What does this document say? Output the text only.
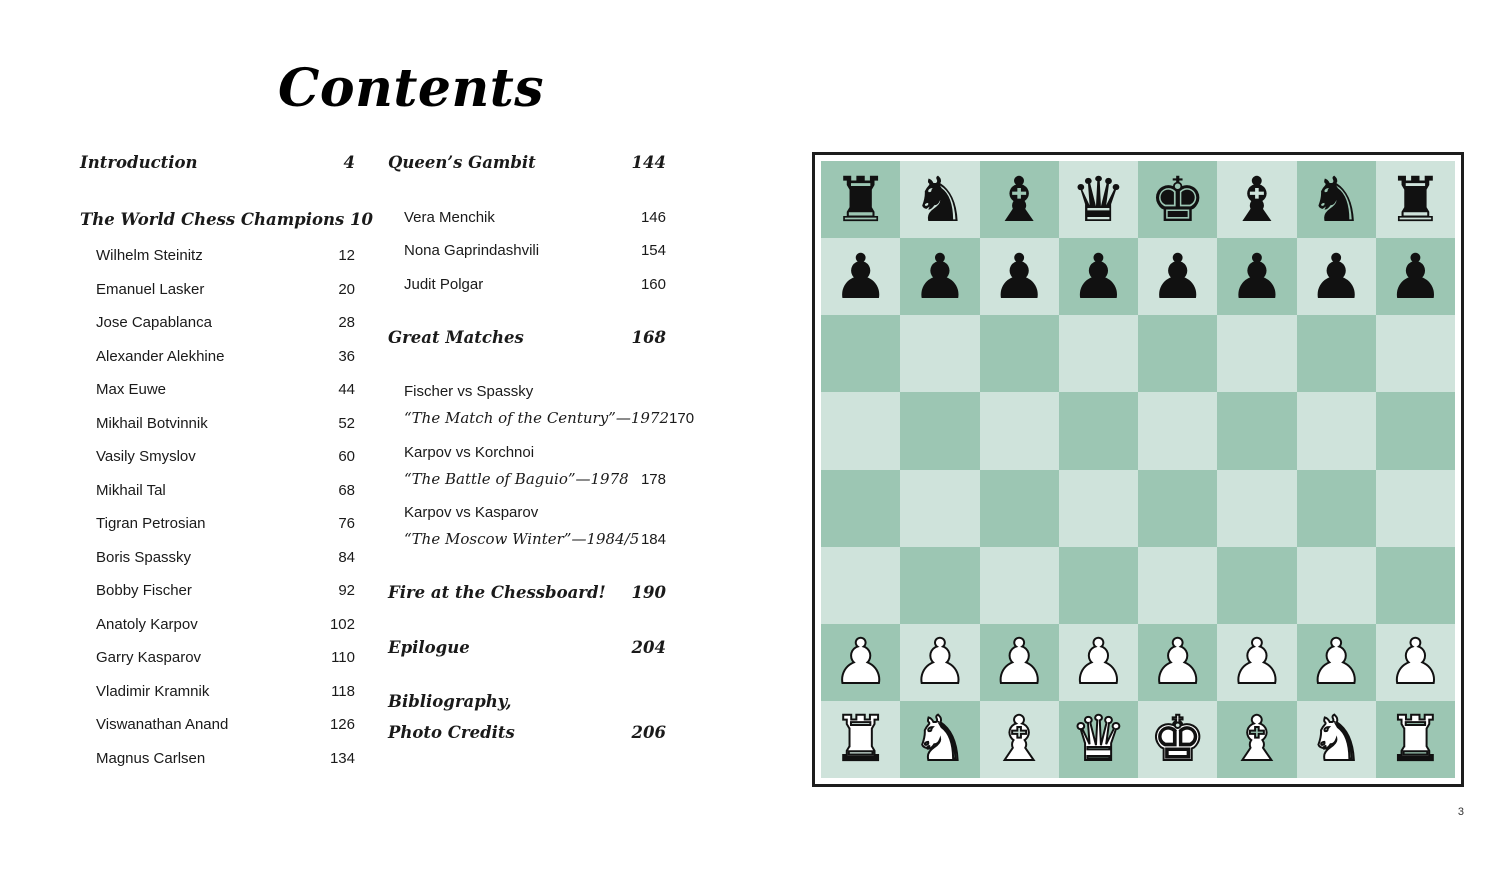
Contents
Introduction	4
The World Chess Champions 10
Wilhelm Steinitz	12
Emanuel Lasker	20
Jose Capablanca	28
Alexander Alekhine	36
Max Euwe	44
Mikhail Botvinnik	52
Vasily Smyslov	60
Mikhail Tal	68
Tigran Petrosian	76
Boris Spassky	84
Bobby Fischer	92
Anatoly Karpov	102
Garry Kasparov	110
Vladimir Kramnik	118
Viswanathan Anand	126
Magnus Carlsen	134
Queen’s Gambit	144
Vera Menchik	146
Nona Gaprindashvili	154
Judit Polgar	160
Great Matches	168
Fischer vs Spassky
“The Match of the Century”—1972 170
Karpov vs Korchnoi
“The Battle of Baguio”—1978 178
Karpov vs Kasparov
“The Moscow Winter”—1984/5 184
Fire at the Chessboard! 190
Epilogue	204
Bibliography,
Photo Credits	206
♜ ♞ ♝ ♛ ♚ ♝ ♞ ♜
♟ ♟ ♟ ♟ ♟ ♟ ♟ ♟
♟ ♟ ♟ ♟ ♟ ♟ ♟ ♟
♜ ♞ ♝ ♛ ♚ ♝ ♞ ♜
3
